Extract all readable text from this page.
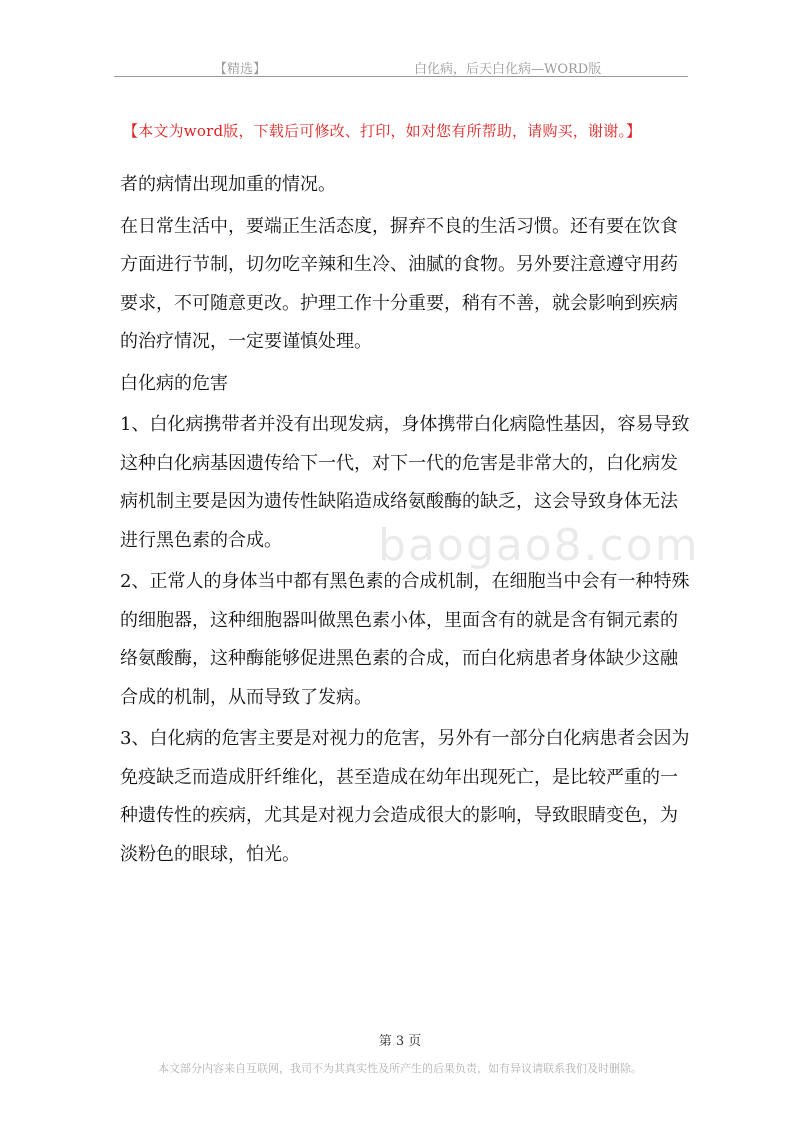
【精选】	白化病，后天白化病—WORD版
【本文为word版，下载后可修改、打印，如对您有所帮助，请购买，谢谢。】

者的病情出现加重的情况。

在日常生活中，要端正生活态度，摒弃不良的生活习惯。还有要在饮食方面进行节制，切勿吃辛辣和生冷、油腻的食物。另外要注意遵守用药要求，不可随意更改。护理工作十分重要，稍有不善，就会影响到疾病的治疗情况，一定要谨慎处理。

白化病的危害

1、白化病携带者并没有出现发病，身体携带白化病隐性基因，容易导致这种白化病基因遗传给下一代，对下一代的危害是非常大的，白化病发病机制主要是因为遗传性缺陷造成络氨酸酶的缺乏，这会导致身体无法进行黑色素的合成。

2、正常人的身体当中都有黑色素的合成机制，在细胞当中会有一种特殊的细胞器，这种细胞器叫做黑色素小体，里面含有的就是含有铜元素的络氨酸酶，这种酶能够促进黑色素的合成，而白化病患者身体缺少这融合成的机制，从而导致了发病。

3、白化病的危害主要是对视力的危害，另外有一部分白化病患者会因为免疫缺乏而造成肝纤维化，甚至造成在幼年出现死亡，是比较严重的一种遗传性的疾病，尤其是对视力会造成很大的影响，导致眼睛变色，为淡粉色的眼球，怕光。

baogao8.com
第 3 页
本文部分内容来自互联网，我司不为其真实性及所产生的后果负责，如有异议请联系我们及时删除。
